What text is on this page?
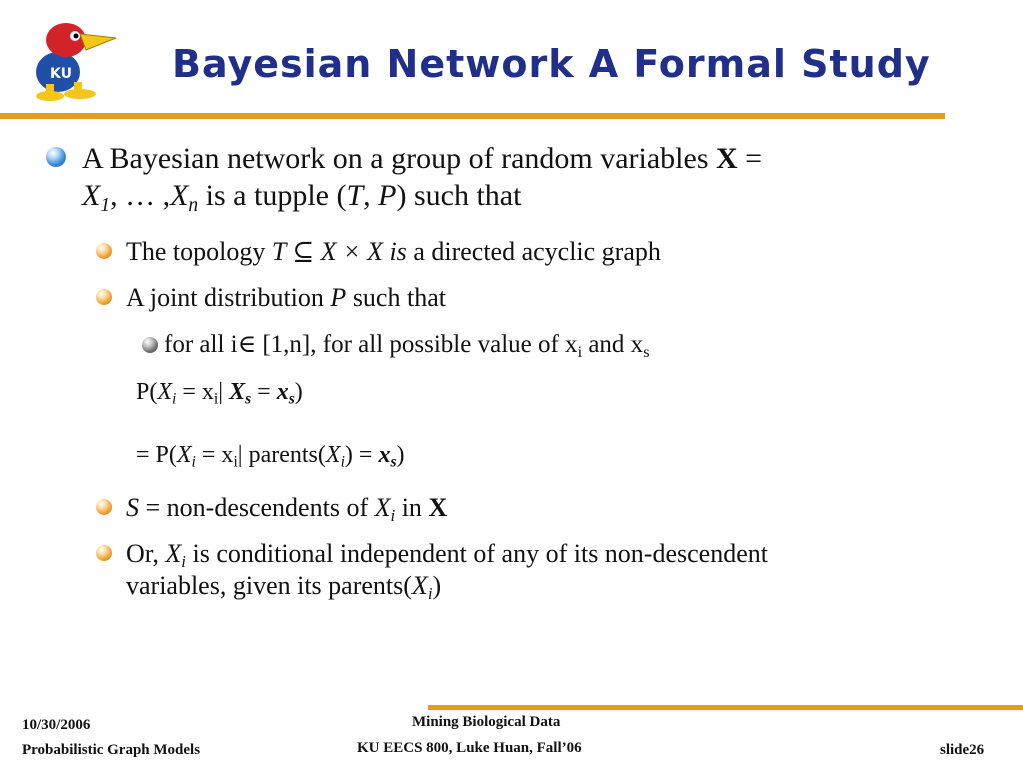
KU	Bayesian Network A Formal Study
A Bayesian network on a group of random variables X =
$X_1$, … $,X_n$ is a tupple (T, P) such that
The topology T ⊆ X × X is a directed acyclic graph
A joint distribution P such that
for all i∈ [1,n], for all possible value of $x_i$ and $x_s$
$P(X_i = x_i|$ $X_s = x_s$)
= $P(X_i = x_i|$ $parents(X_i) = x_s$)
S = non-descendents of $X_i$ in X
Or, $X_i$ is conditional independent of any of its non-descendent
variables, given its $parents(X_i)$
10/30/2006
Probabilistic Graph Models
Mining Biological Data
KU EECS 800, Luke Huan, Fall’06	slide26
